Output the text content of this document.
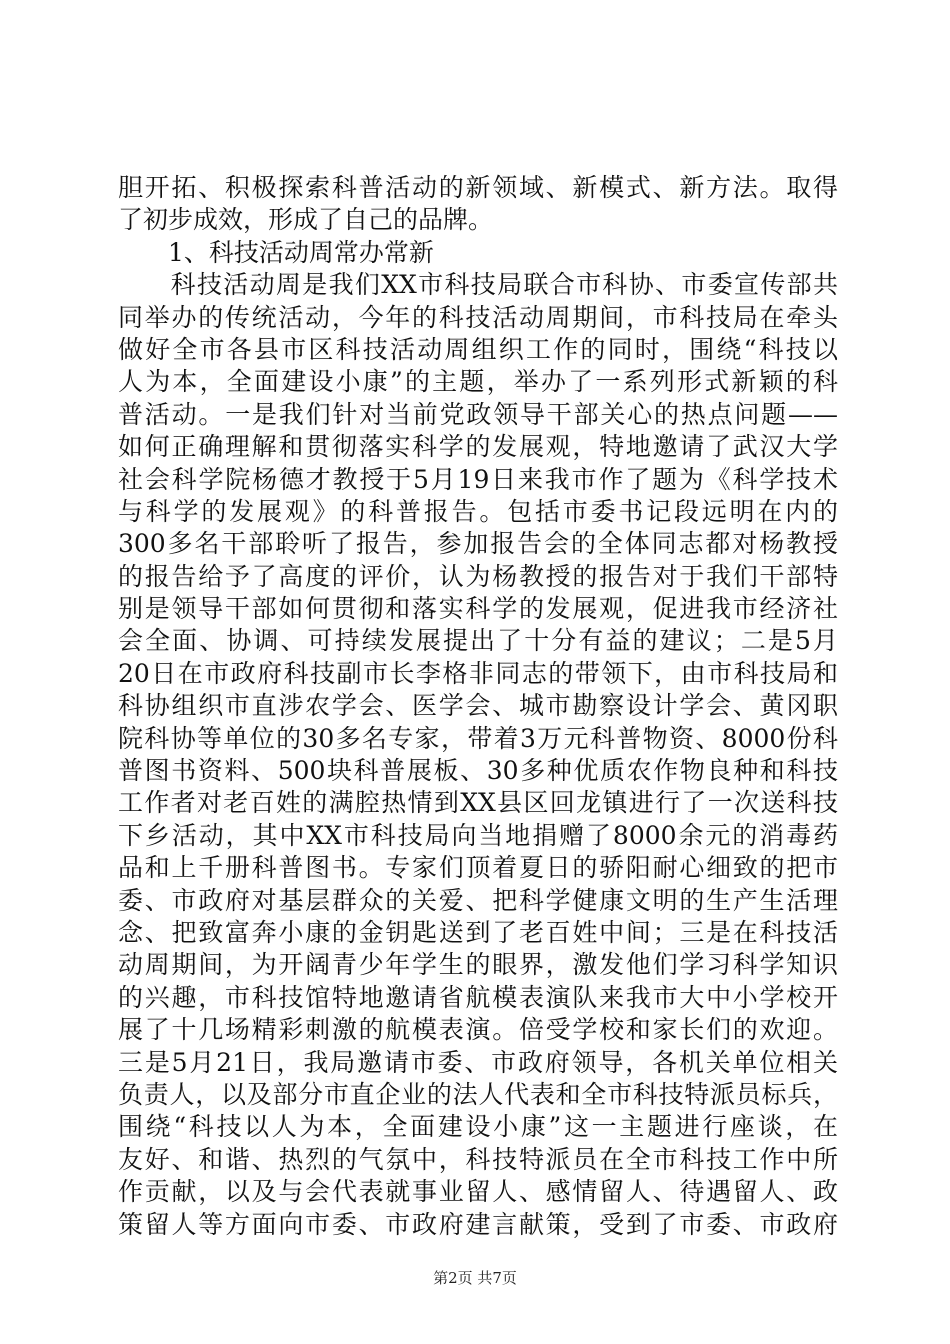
胆开拓、积极探索科普活动的新领域、新模式、新方法。取得
了初步成效，形成了自己的品牌。
1、科技活动周常办常新
　　科技活动周是我们XX市科技局联合市科协、市委宣传部共
同举办的传统活动，今年的科技活动周期间，市科技局在牵头
做好全市各县市区科技活动周组织工作的同时，围绕“科技以
人为本，全面建设小康”的主题，举办了一系列形式新颖的科
普活动。一是我们针对当前党政领导干部关心的热点问题——
如何正确理解和贯彻落实科学的发展观，特地邀请了武汉大学
社会科学院杨德才教授于5月19日来我市作了题为《科学技术
与科学的发展观》的科普报告。包括市委书记段远明在内的
300多名干部聆听了报告，参加报告会的全体同志都对杨教授
的报告给予了高度的评价，认为杨教授的报告对于我们干部特
别是领导干部如何贯彻和落实科学的发展观，促进我市经济社
会全面、协调、可持续发展提出了十分有益的建议；二是5月
20日在市政府科技副市长李格非同志的带领下，由市科技局和
科协组织市直涉农学会、医学会、城市勘察设计学会、黄冈职
院科协等单位的30多名专家，带着3万元科普物资、8000份科
普图书资料、500块科普展板、30多种优质农作物良种和科技
工作者对老百姓的满腔热情到XX县区回龙镇进行了一次送科技
下乡活动，其中XX市科技局向当地捐赠了8000余元的消毒药
品和上千册科普图书。专家们顶着夏日的骄阳耐心细致的把市
委、市政府对基层群众的关爱、把科学健康文明的生产生活理
念、把致富奔小康的金钥匙送到了老百姓中间；三是在科技活
动周期间，为开阔青少年学生的眼界，激发他们学习科学知识
的兴趣，市科技馆特地邀请省航模表演队来我市大中小学校开
展了十几场精彩刺激的航模表演。倍受学校和家长们的欢迎。
三是5月21日，我局邀请市委、市政府领导，各机关单位相关
负责人，以及部分市直企业的法人代表和全市科技特派员标兵，
围绕“科技以人为本，全面建设小康”这一主题进行座谈，在
友好、和谐、热烈的气氛中，科技特派员在全市科技工作中所
作贡献，以及与会代表就事业留人、感情留人、待遇留人、政
策留人等方面向市委、市政府建言献策，受到了市委、市政府
第2页 共7页
